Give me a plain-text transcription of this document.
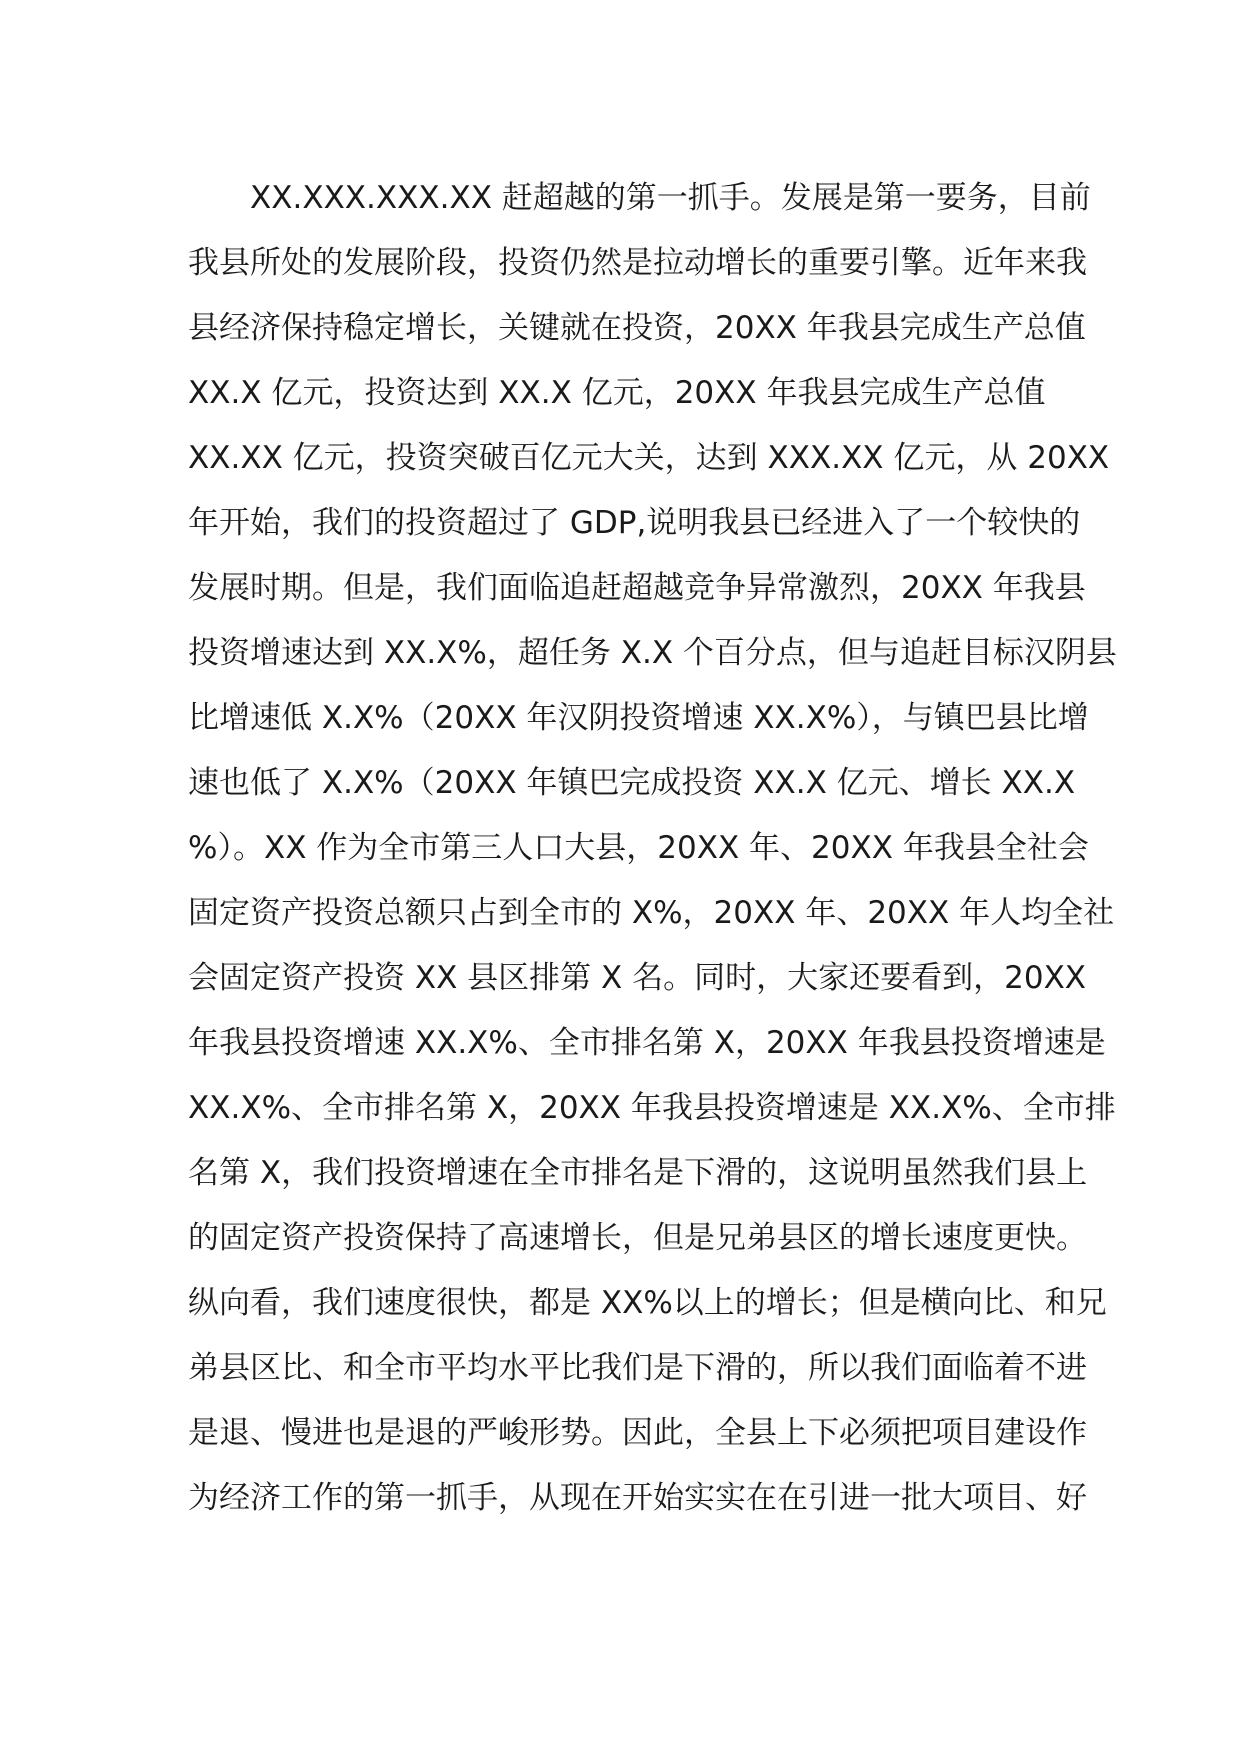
XX.XXX.XXX.XX 赶超越的第一抓手。发展是第一要务，目前
我县所处的发展阶段，投资仍然是拉动增长的重要引擎。近年来我
县经济保持稳定增长，关键就在投资，20XX 年我县完成生产总值
XX.X 亿元，投资达到 XX.X 亿元，20XX 年我县完成生产总值
XX.XX 亿元，投资突破百亿元大关，达到 XXX.XX 亿元，从 20XX
年开始，我们的投资超过了 GDP,说明我县已经进入了一个较快的
发展时期。但是，我们面临追赶超越竞争异常激烈，20XX 年我县
投资增速达到 XX.X%，超任务 X.X 个百分点，但与追赶目标汉阴县
比增速低 X.X%（20XX 年汉阴投资增速 XX.X%），与镇巴县比增
速也低了 X.X%（20XX 年镇巴完成投资 XX.X 亿元、增长 XX.X
%）。XX 作为全市第三人口大县，20XX 年、20XX 年我县全社会
固定资产投资总额只占到全市的 X%，20XX 年、20XX 年人均全社
会固定资产投资 XX 县区排第 X 名。同时，大家还要看到，20XX
年我县投资增速 XX.X%、全市排名第 X，20XX 年我县投资增速是
XX.X%、全市排名第 X，20XX 年我县投资增速是 XX.X%、全市排
名第 X，我们投资增速在全市排名是下滑的，这说明虽然我们县上
的固定资产投资保持了高速增长，但是兄弟县区的增长速度更快。
纵向看，我们速度很快，都是 XX%以上的增长；但是横向比、和兄
弟县区比、和全市平均水平比我们是下滑的，所以我们面临着不进
是退、慢进也是退的严峻形势。因此，全县上下必须把项目建设作
为经济工作的第一抓手，从现在开始实实在在引进一批大项目、好
